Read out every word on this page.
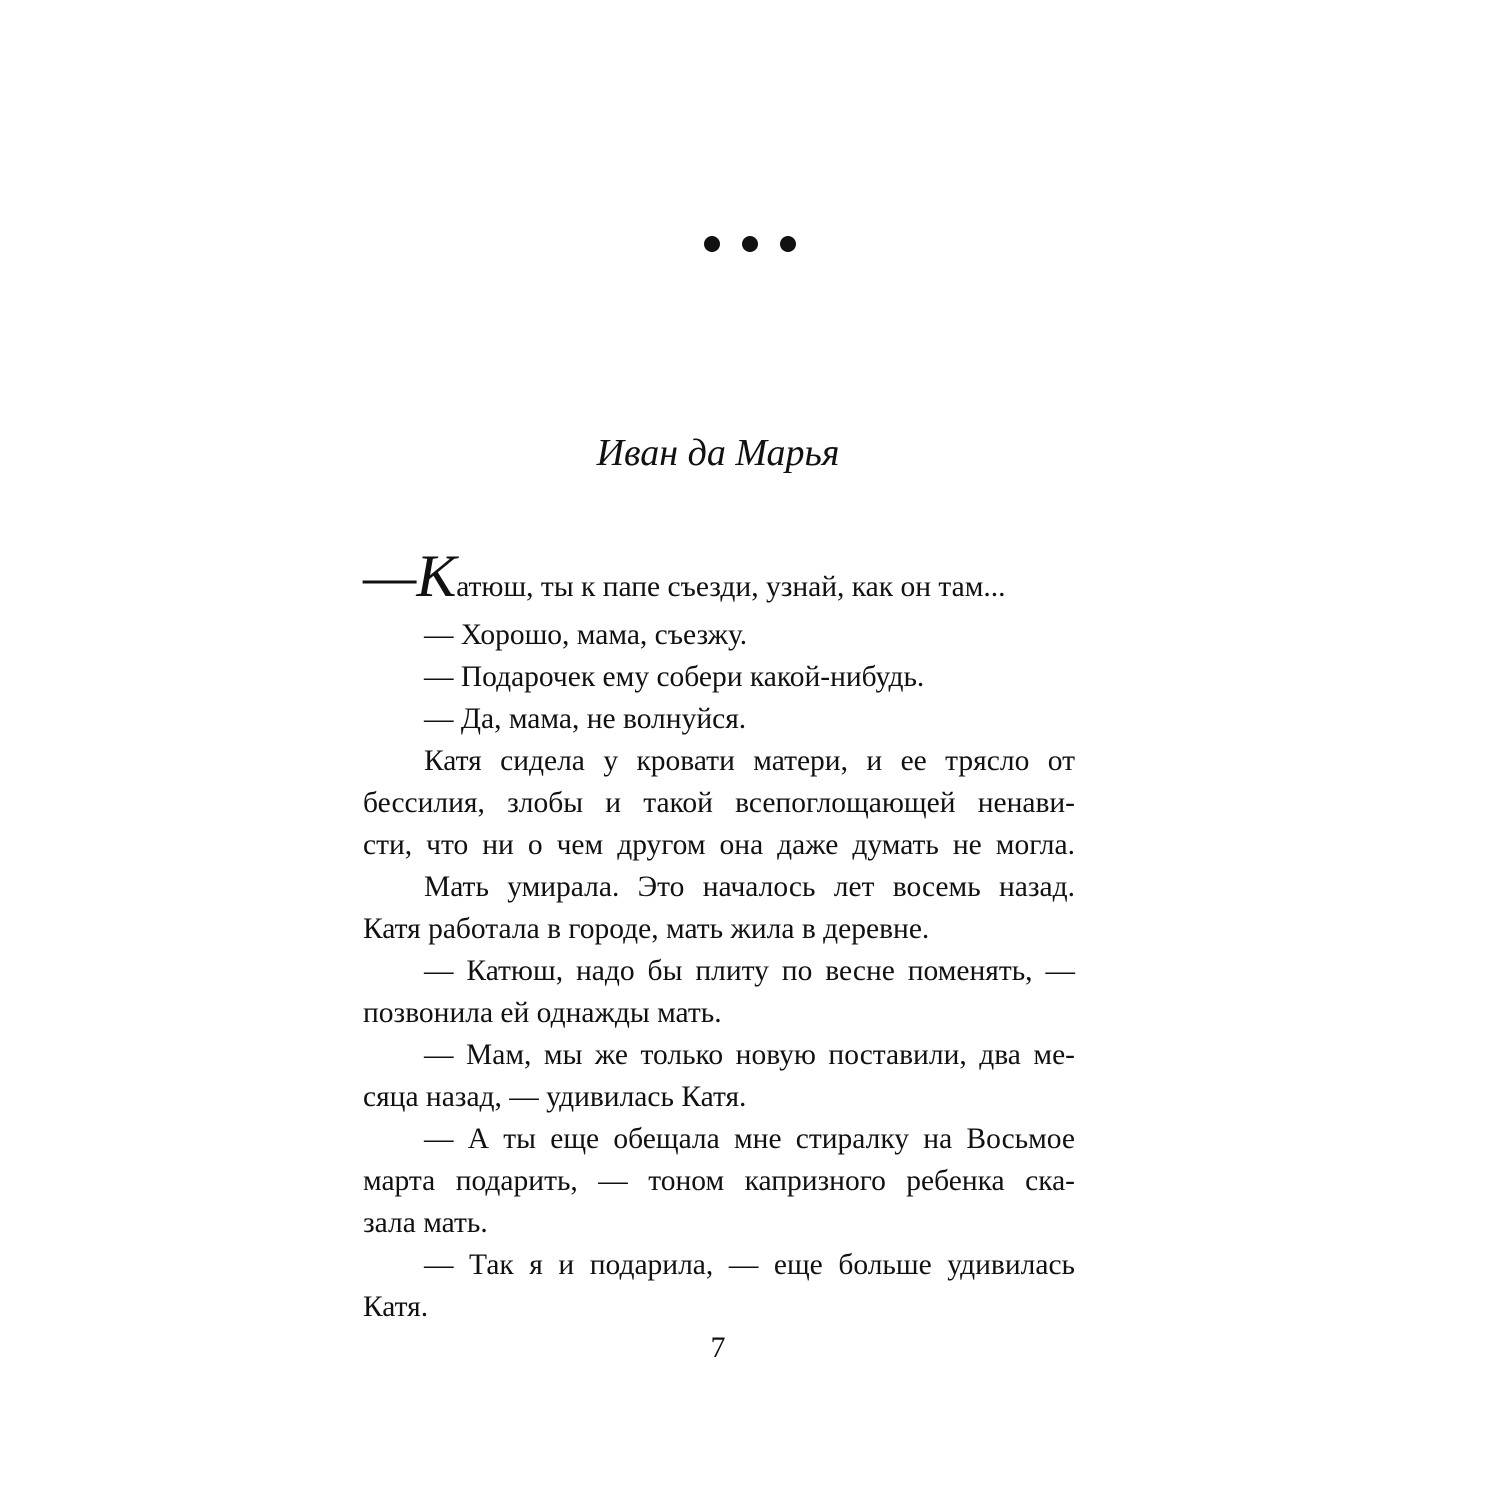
Иван да Марья
—К атюш, ты к папе съезди, узнай, как он там...
— Хорошо, мама, съезжу.
— Подарочек ему собери какой-нибудь.
— Да, мама, не волнуйся.
Катя сидела у кровати матери, и ее трясло от
бессилия, злобы и такой всепоглощающей ненави-
сти, что ни о чем другом она даже думать не могла.
Мать умирала. Это началось лет восемь назад.
Катя работала в городе, мать жила в деревне.
— Катюш, надо бы плиту по весне поменять, —
позвонила ей однажды мать.
— Мам, мы же только новую поставили, два ме-
сяца назад, — удивилась Катя.
— А ты еще обещала мне стиралку на Восьмое
марта подарить, — тоном капризного ребенка ска-
зала мать.
— Так я и подарила, — еще больше удивилась
Катя.
7
